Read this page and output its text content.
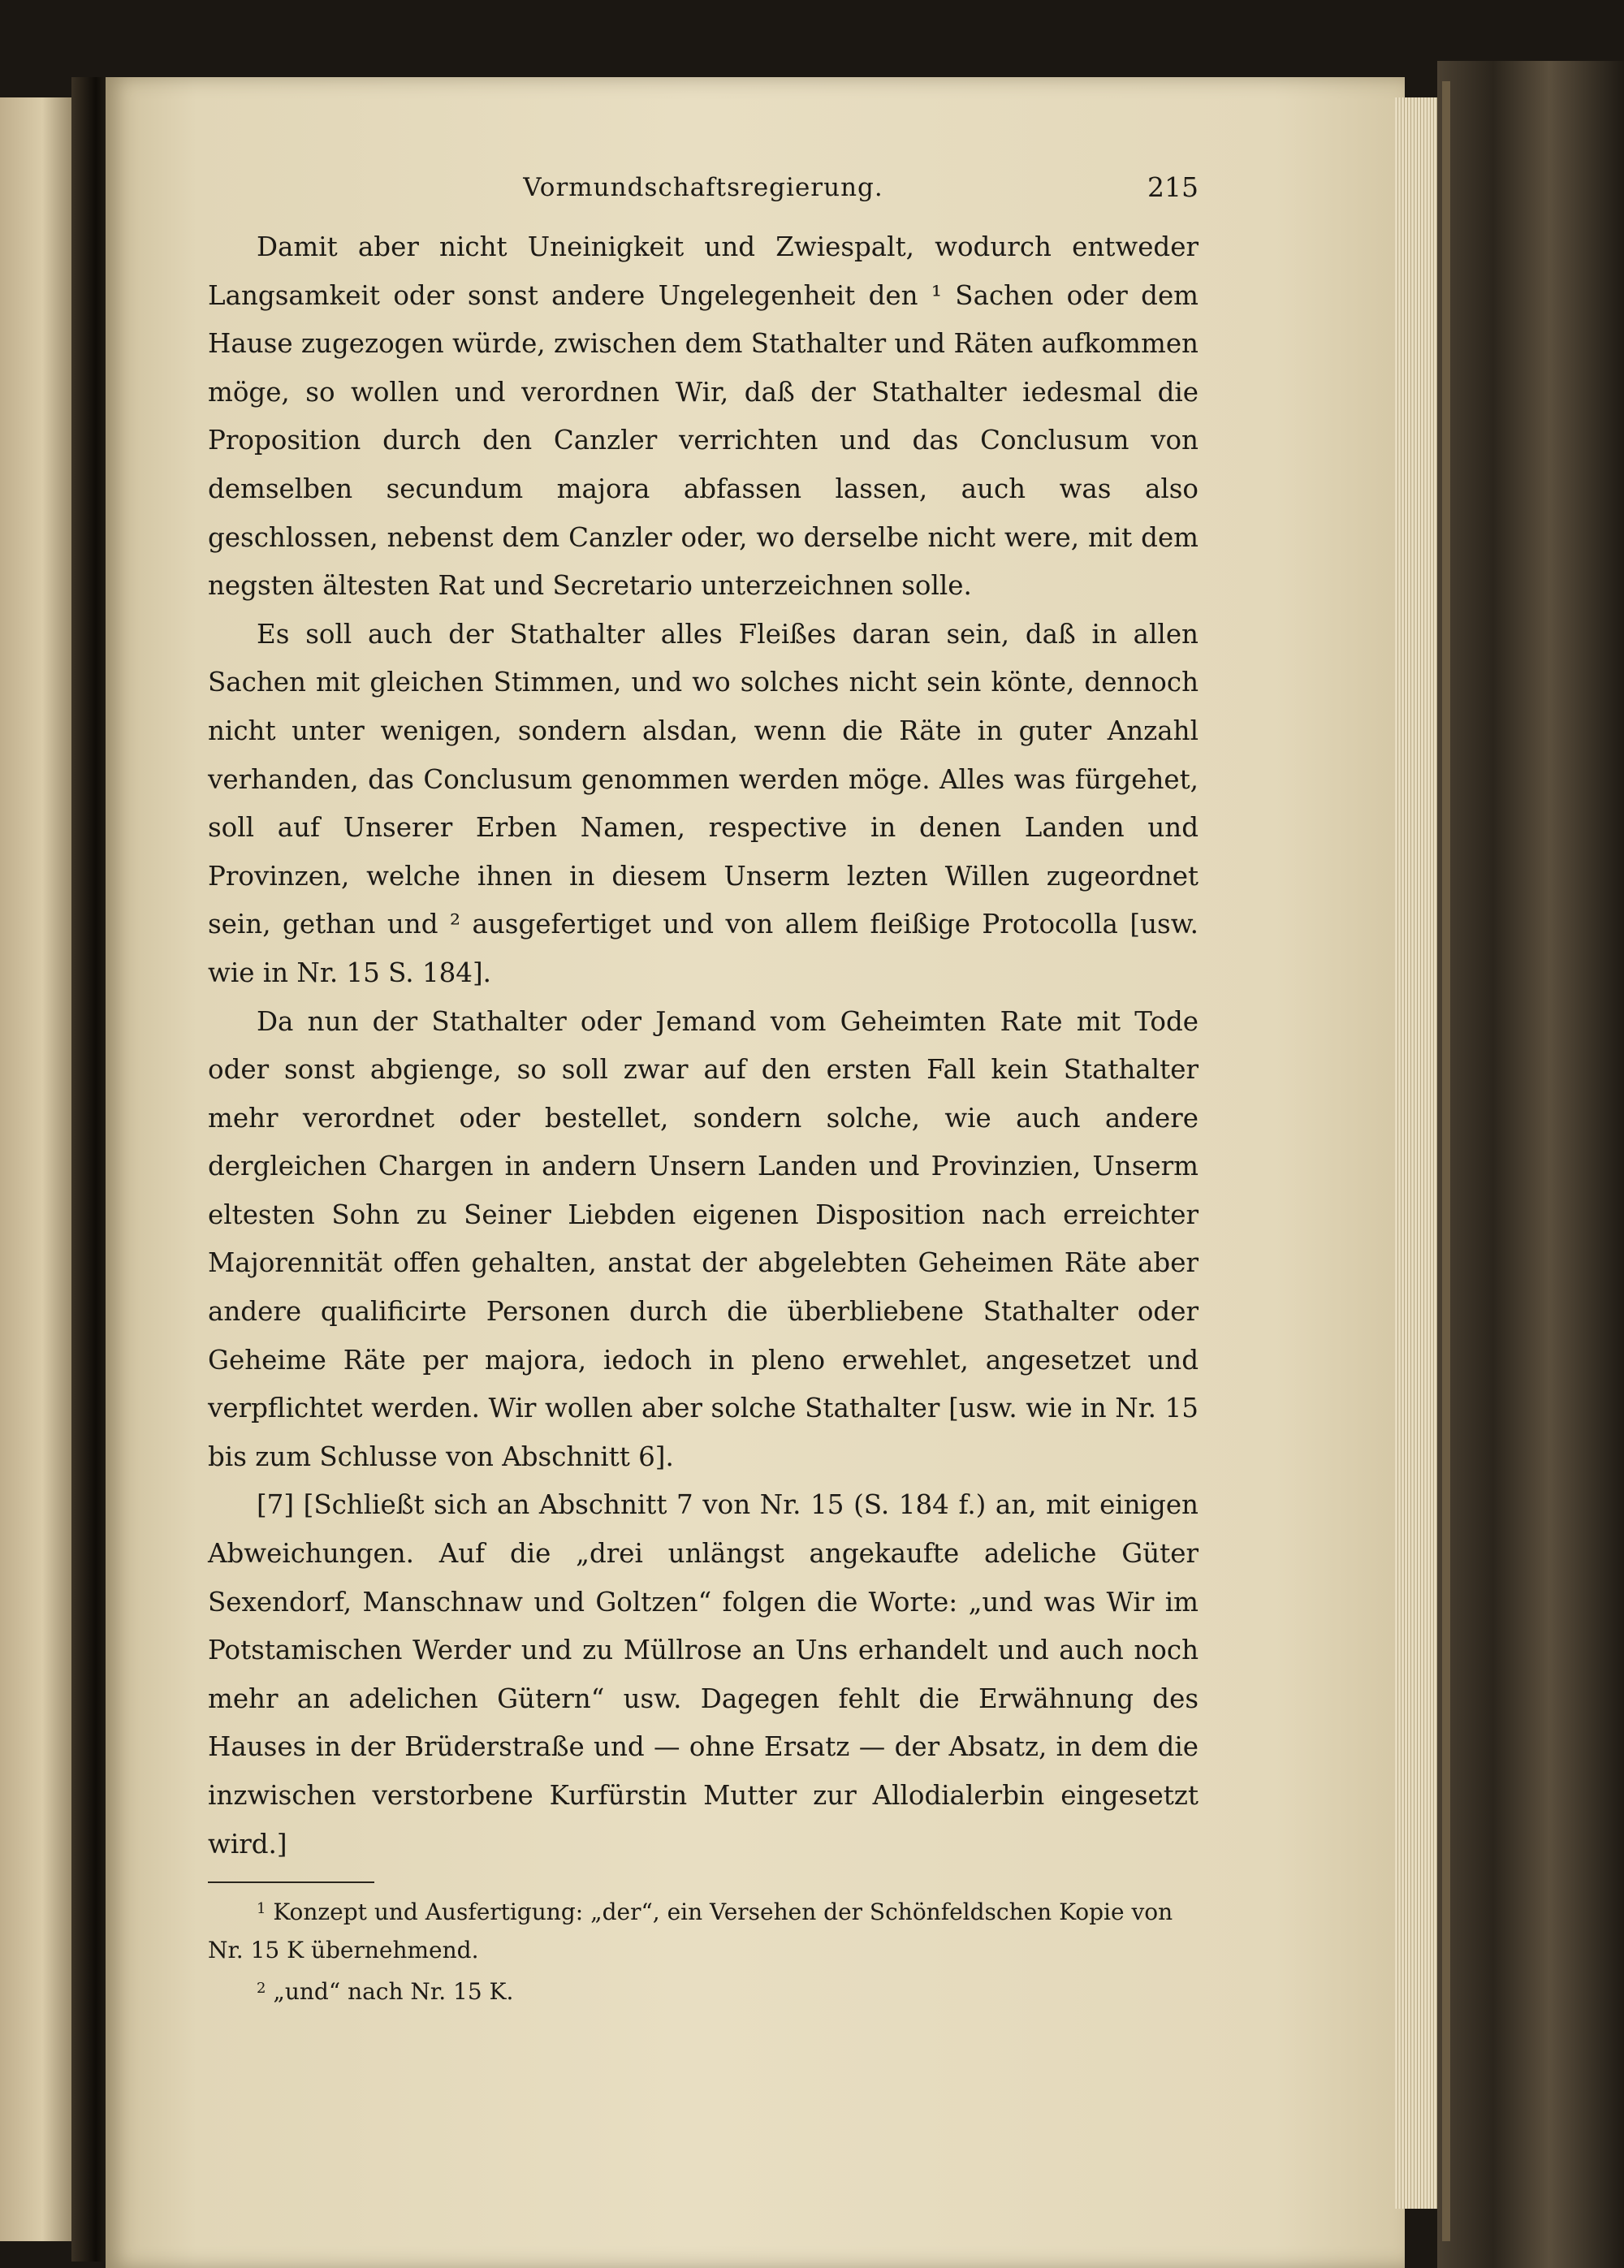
Vormundschaftsregierung.	215

Damit aber nicht Uneinigkeit und Zwiespalt, wodurch entweder Langsamkeit oder sonst andere Ungelegenheit den ¹ Sachen oder dem Hause zugezogen würde, zwischen dem Stathalter und Räten aufkommen möge, so wollen und verordnen Wir, daß der Stathalter iedesmal die Proposition durch den Canzler verrichten und das Conclusum von demselben secundum majora abfassen lassen, auch was also geschlossen, nebenst dem Canzler oder, wo derselbe nicht were, mit dem negsten ältesten Rat und Secretario unterzeichnen solle.

Es soll auch der Stathalter alles Fleißes daran sein, daß in allen Sachen mit gleichen Stimmen, und wo solches nicht sein könte, dennoch nicht unter wenigen, sondern alsdan, wenn die Räte in guter Anzahl verhanden, das Conclusum genommen werden möge. Alles was fürgehet, soll auf Unserer Erben Namen, respective in denen Landen und Provinzen, welche ihnen in diesem Unserm lezten Willen zugeordnet sein, gethan und ² ausgefertiget und von allem fleißige Protocolla [usw. wie in Nr. 15 S. 184].

Da nun der Stathalter oder Jemand vom Geheimten Rate mit Tode oder sonst abgienge, so soll zwar auf den ersten Fall kein Stathalter mehr verordnet oder bestellet, sondern solche, wie auch andere dergleichen Chargen in andern Unsern Landen und Provinzien, Unserm eltesten Sohn zu Seiner Liebden eigenen Disposition nach erreichter Majorennität offen gehalten, anstat der abgelebten Geheimen Räte aber andere qualificirte Personen durch die überbliebene Stathalter oder Geheime Räte per majora, iedoch in pleno erwehlet, angesetzet und verpflichtet werden. Wir wollen aber solche Stathalter [usw. wie in Nr. 15 bis zum Schlusse von Abschnitt 6].

[7] [Schließt sich an Abschnitt 7 von Nr. 15 (S. 184 f.) an, mit einigen Abweichungen. Auf die „drei unlängst angekaufte adeliche Güter Sexendorf, Manschnaw und Goltzen“ folgen die Worte: „und was Wir im Potstamischen Werder und zu Müllrose an Uns erhandelt und auch noch mehr an adelichen Gütern“ usw. Dagegen fehlt die Erwähnung des Hauses in der Brüderstraße und — ohne Ersatz — der Absatz, in dem die inzwischen verstorbene Kurfürstin Mutter zur Allodialerbin eingesetzt wird.]

$^1$ Konzept und Ausfertigung: „der“, ein Versehen der Schönfeldschen Kopie von Nr. 15 K übernehmend.

$^2$ „und“ nach Nr. 15 K.
